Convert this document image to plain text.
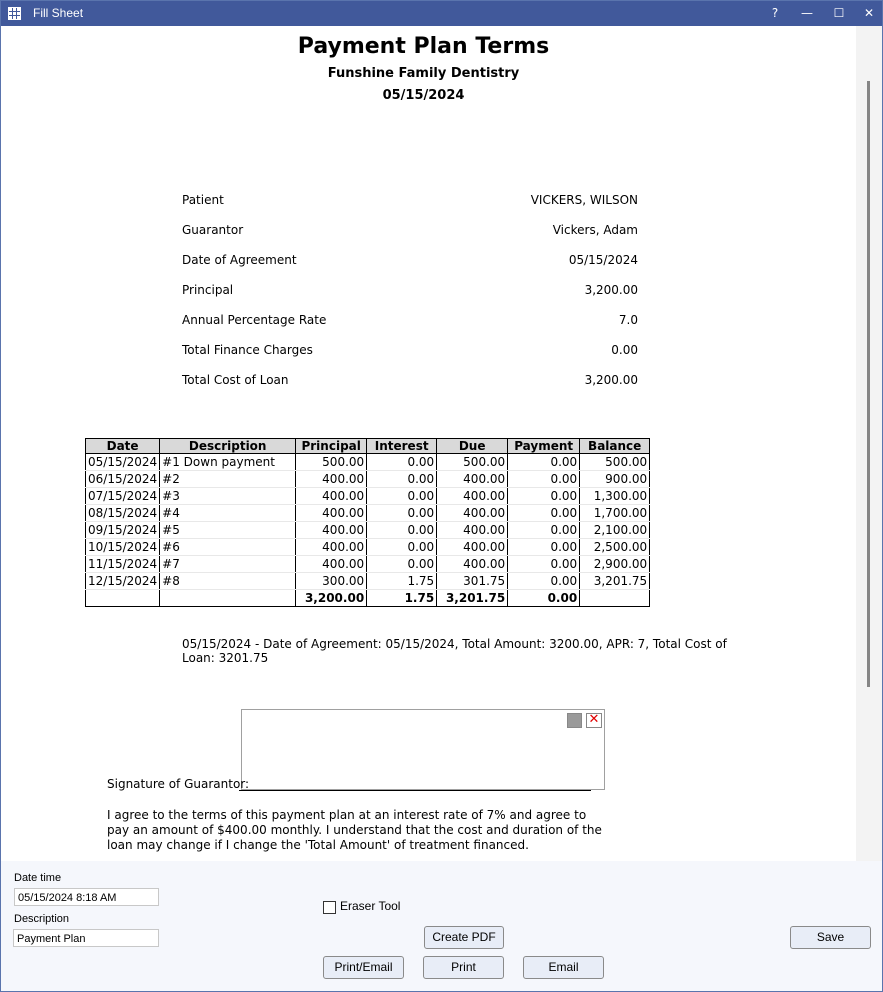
Fill Sheet	?	—	☐	✕
Payment Plan Terms
Funshine Family Dentistry
05/15/2024
Patient	VICKERS, WILSON
Guarantor	Vickers, Adam
Date of Agreement	05/15/2024
Principal	3,200.00
Annual Percentage Rate	7.0
Total Finance Charges	0.00
Total Cost of Loan	3,200.00
Date	Description	Principal	Interest	Due	Payment	Balance
05/15/2024	#1 Down payment	500.00	0.00	500.00	0.00	500.00
06/15/2024	#2	400.00	0.00	400.00	0.00	900.00
07/15/2024	#3	400.00	0.00	400.00	0.00	1,300.00
08/15/2024	#4	400.00	0.00	400.00	0.00	1,700.00
09/15/2024	#5	400.00	0.00	400.00	0.00	2,100.00
10/15/2024	#6	400.00	0.00	400.00	0.00	2,500.00
11/15/2024	#7	400.00	0.00	400.00	0.00	2,900.00
12/15/2024	#8	300.00	1.75	301.75	0.00	3,201.75
		3,200.00	1.75	3,201.75	0.00	
05/15/2024 - Date of Agreement: 05/15/2024, Total Amount: 3200.00, APR: 7, Total Cost of Loan: 3201.75
✕
Signature of Guarantor:
I agree to the terms of this payment plan at an interest rate of 7% and agree to pay an amount of $400.00 monthly. I understand that the cost and duration of the loan may change if I change the 'Total Amount' of treatment financed.
Date time
05/15/2024 8:18 AM
Description
Payment Plan
Eraser Tool
Create PDF
Print/Email	Print	Email
Save
